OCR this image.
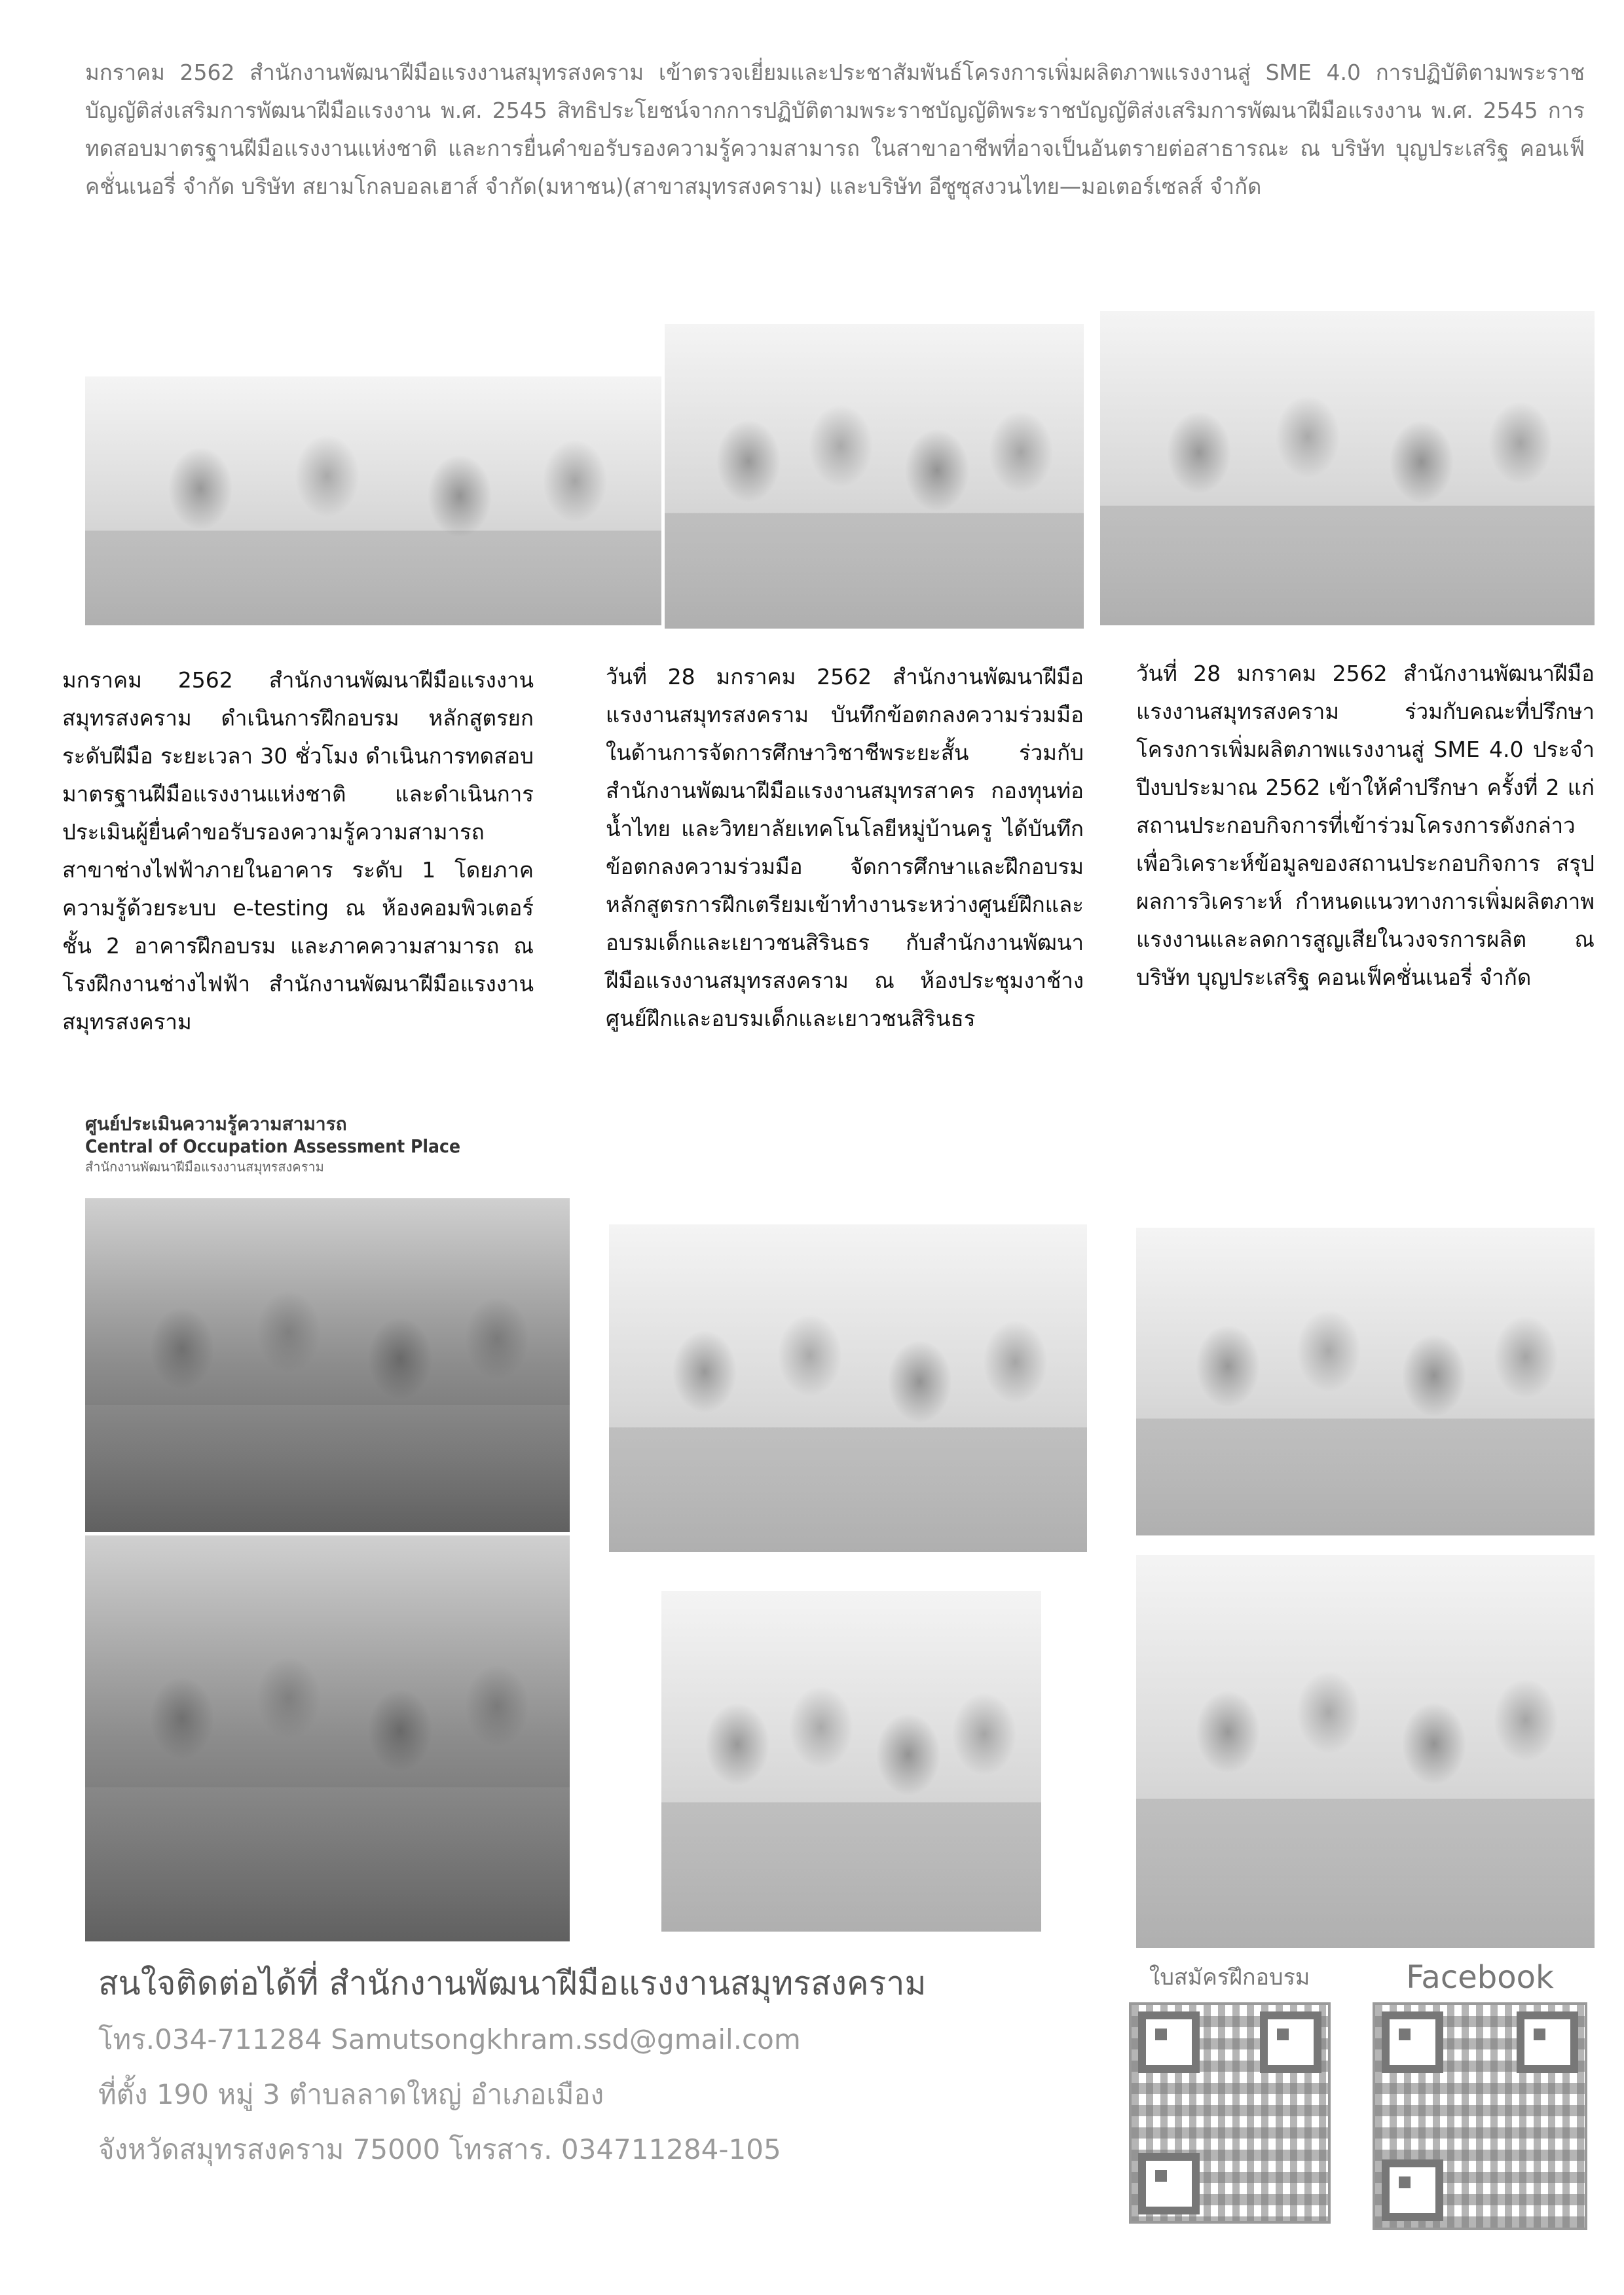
มกราคม 2562 สำนักงานพัฒนาฝีมือแรงงานสมุทรสงคราม เข้าตรวจเยี่ยมและประชาสัมพันธ์โครงการเพิ่มผลิตภาพแรงงานสู่ SME 4.0 การปฏิบัติตามพระราชบัญญัติส่งเสริมการพัฒนาฝีมือแรงงาน พ.ศ. 2545 สิทธิประโยชน์จากการปฏิบัติตามพระราชบัญญัติพระราชบัญญัติส่งเสริมการพัฒนาฝีมือแรงงาน พ.ศ. 2545 การทดสอบมาตรฐานฝีมือแรงงานแห่งชาติ และการยื่นคำขอรับรองความรู้ความสามารถ ในสาขาอาชีพที่อาจเป็นอันตรายต่อสาธารณะ ณ บริษัท บุญประเสริฐ คอนเฟ็คชั่นเนอรี่ จำกัด บริษัท สยามโกลบอลเฮาส์ จำกัด(มหาชน)(สาขาสมุทรสงคราม) และบริษัท อีซูซุสงวนไทย—มอเตอร์เซลส์ จำกัด
มกราคม 2562 สำนักงานพัฒนาฝีมือแรงงานสมุทรสงคราม ดำเนินการฝึกอบรม หลักสูตรยกระดับฝีมือ ระยะเวลา 30 ชั่วโมง ดำเนินการทดสอบมาตรฐานฝีมือแรงงานแห่งชาติ และดำเนินการประเมินผู้ยื่นคำขอรับรองความรู้ความสามารถ สาขาช่างไฟฟ้าภายในอาคาร ระดับ 1 โดยภาคความรู้ด้วยระบบ e-testing ณ ห้องคอมพิวเตอร์ ชั้น 2 อาคารฝึกอบรม และภาคความสามารถ ณ โรงฝึกงานช่างไฟฟ้า สำนักงานพัฒนาฝีมือแรงงานสมุทรสงคราม
วันที่ 28 มกราคม 2562 สำนักงานพัฒนาฝีมือแรงงานสมุทรสงคราม บันทึกข้อตกลงความร่วมมือในด้านการจัดการศึกษาวิชาชีพระยะสั้น ร่วมกับ สำนักงานพัฒนาฝีมือแรงงานสมุทรสาคร กองทุนท่อน้ำไทย และวิทยาลัยเทคโนโลยีหมู่บ้านครู ได้บันทึกข้อตกลงความร่วมมือ จัดการศึกษาและฝึกอบรม หลักสูตรการฝึกเตรียมเข้าทำงานระหว่างศูนย์ฝึกและอบรมเด็กและเยาวชนสิรินธร กับสำนักงานพัฒนาฝีมือแรงงานสมุทรสงคราม ณ ห้องประชุมงาช้าง ศูนย์ฝึกและอบรมเด็กและเยาวชนสิรินธร
วันที่ 28 มกราคม 2562 สำนักงานพัฒนาฝีมือแรงงานสมุทรสงคราม ร่วมกับคณะที่ปรึกษาโครงการเพิ่มผลิตภาพแรงงานสู่ SME 4.0 ประจำปีงบประมาณ 2562 เข้าให้คำปรึกษา ครั้งที่ 2 แก่สถานประกอบกิจการที่เข้าร่วมโครงการดังกล่าว เพื่อวิเคราะห์ข้อมูลของสถานประกอบกิจการ สรุปผลการวิเคราะห์ กำหนดแนวทางการเพิ่มผลิตภาพแรงงานและลดการสูญเสียในวงจรการผลิต ณ บริษัท บุญประเสริฐ คอนเฟ็คชั่นเนอรี่ จำกัด
ศูนย์ประเมินความรู้ความสามารถ
Central of Occupation Assessment Place
สำนักงานพัฒนาฝีมือแรงงานสมุทรสงคราม
สนใจติดต่อได้ที่ สำนักงานพัฒนาฝีมือแรงงานสมุทรสงคราม
โทร.034-711284 Samutsongkhram.ssd@gmail.com
ที่ตั้ง 190 หมู่ 3 ตำบลลาดใหญ่ อำเภอเมือง
จังหวัดสมุทรสงคราม 75000 โทรสาร. 034711284-105
ใบสมัครฝึกอบรม	Facebook
